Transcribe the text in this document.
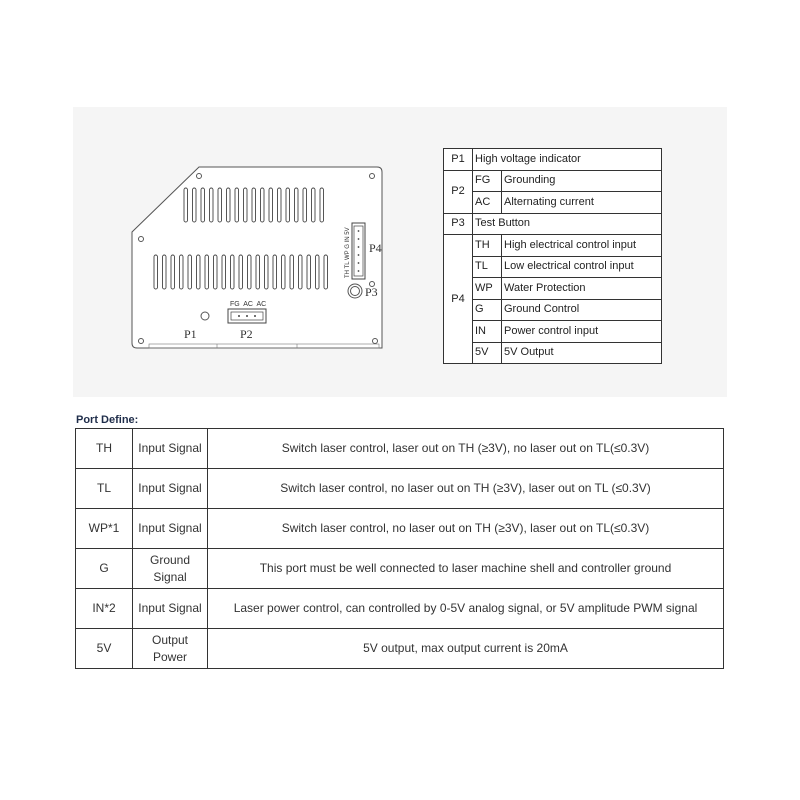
FG  AC  AC
TH TL WP G IN 5V
P1	P2
P3
P4
P1	High voltage indicator	
P2	FG	Grounding
	AC	Alternating current
P3	Test Button	
P4	TH	High electrical control input
	TL	Low electrical control input
	WP	Water Protection
	G	Ground Control
	IN	Power control input
	5V	5V Output
Port Define:
TH	Input Signal	Switch laser control, laser out on TH (≥3V), no laser out on TL(≤0.3V)
TL	Input Signal	Switch laser control, no laser out on TH (≥3V), laser out on TL (≤0.3V)
WP*1	Input Signal	Switch laser control, no laser out on TH (≥3V), laser out on TL(≤0.3V)
G	Ground Signal	This port must be well connected to laser machine shell and controller ground
IN*2	Input Signal	Laser power control, can controlled by 0-5V analog signal, or 5V amplitude PWM signal
5V	Output Power	5V output, max output current is 20mA
